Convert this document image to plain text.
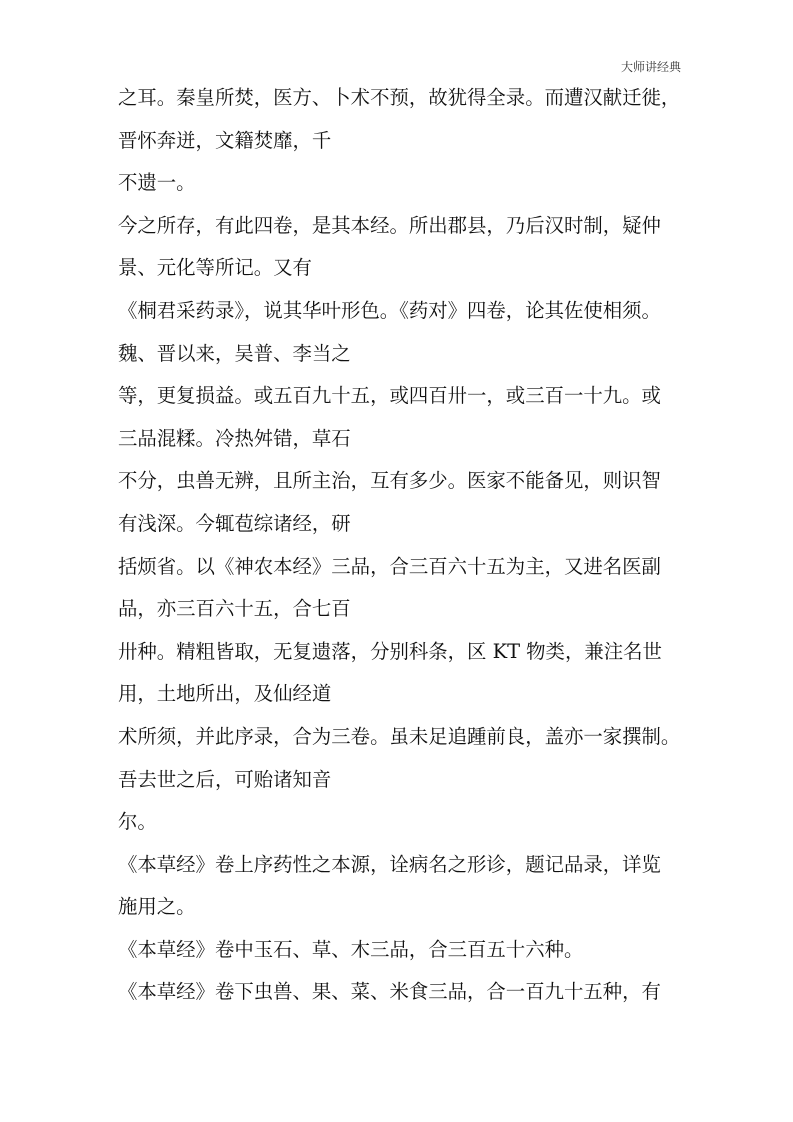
大师讲经典
之耳。秦皇所焚，医方、卜术不预，故犹得全录。而遭汉献迁徙，
晋怀奔迸，文籍焚靡，千
不遗一。
今之所存，有此四卷，是其本经。所出郡县，乃后汉时制，疑仲
景、元化等所记。又有
《桐君采药录》，说其华叶形色。《药对》四卷，论其佐使相须。
魏、晋以来，吴普、李当之
等，更复损益。或五百九十五，或四百卅一，或三百一十九。或
三品混糅。冷热舛错，草石
不分，虫兽无辨，且所主治，互有多少。医家不能备见，则识智
有浅深。今辄苞综诸经，研
括烦省。以《神农本经》三品，合三百六十五为主，又进名医副
品，亦三百六十五，合七百
卅种。精粗皆取，无复遗落，分别科条，区 KT 物类，兼注名世
用，土地所出，及仙经道
术所须，并此序录，合为三卷。虽未足追踵前良，盖亦一家撰制。
吾去世之后，可贻诸知音
尔。
《本草经》卷上序药性之本源，诠病名之形诊，题记品录，详览
施用之。
《本草经》卷中玉石、草、木三品，合三百五十六种。
《本草经》卷下虫兽、果、菜、米食三品，合一百九十五种，有
